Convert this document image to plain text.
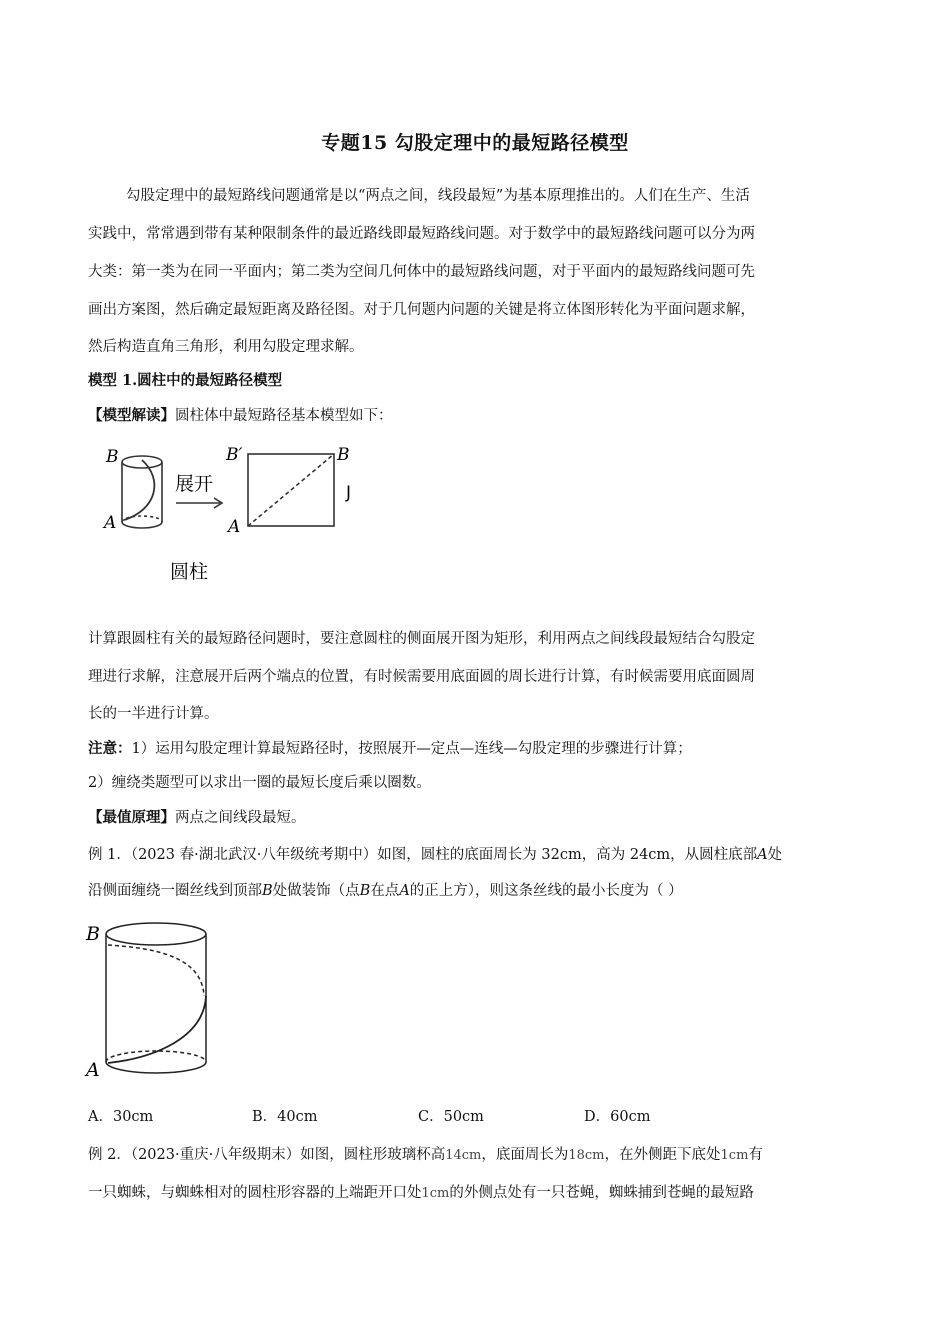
专题15 勾股定理中的最短路径模型
勾股定理中的最短路线问题通常是以“两点之间，线段最短”为基本原理推出的。人们在生产、生活
实践中，常常遇到带有某种限制条件的最近路线即最短路线问题。对于数学中的最短路线问题可以分为两
大类：第一类为在同一平面内；第二类为空间几何体中的最短路线问题，对于平面内的最短路线问题可先
画出方案图，然后确定最短距离及路径图。对于几何题内问题的关键是将立体图形转化为平面问题求解，
然后构造直角三角形，利用勾股定理求解。
模型 1.圆柱中的最短路径模型
【模型解读】圆柱体中最短路径基本模型如下：
B
A
展开
B′	B
A
J
圆柱
计算跟圆柱有关的最短路径问题时，要注意圆柱的侧面展开图为矩形，利用两点之间线段最短结合勾股定
理进行求解，注意展开后两个端点的位置，有时候需要用底面圆的周长进行计算，有时候需要用底面圆周
长的一半进行计算。
注意：1）运用勾股定理计算最短路径时，按照展开—定点—连线—勾股定理的步骤进行计算；
2）缠绕类题型可以求出一圈的最短长度后乘以圈数。
【最值原理】两点之间线段最短。
例 1．（2023 春·湖北武汉·八年级统考期中）如图，圆柱的底面周长为 32cm，高为 24cm，从圆柱底部A处
沿侧面缠绕一圈丝线到顶部B处做装饰（点B在点A的正上方），则这条丝线的最小长度为（ ）
B
A
A．30cm	B．40cm	C．50cm	D．60cm
例 2．（2023·重庆·八年级期末）如图，圆柱形玻璃杯高14cm，底面周长为18cm，在外侧距下底处1cm有
一只蜘蛛，与蜘蛛相对的圆柱形容器的上端距开口处1cm的外侧点处有一只苍蝇，蜘蛛捕到苍蝇的最短路
